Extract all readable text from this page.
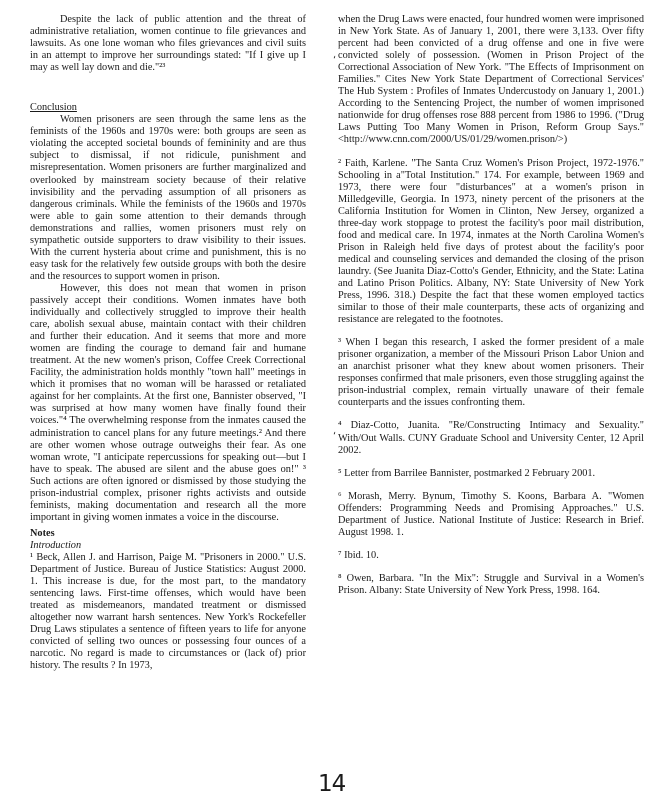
Despite the lack of public attention and the threat of administrative retaliation, women continue to file grievances and lawsuits. As one lone woman who files grievances and civil suits in an attempt to improve her surroundings stated: "If I give up I may as well lay down and die."²³

Conclusion

Women prisoners are seen through the same lens as the feminists of the 1960s and 1970s were: both groups are seen as violating the accepted societal bounds of femininity and are thus subject to dismissal, if not ridicule, punishment and misrepresentation. Women prisoners are further marginalized and overlooked by mainstream society because of their relative invisibility and the pervading assumption of all prisoners as dangerous criminals. While the feminists of the 1960s and 1970s were able to gain some attention to their demands through demonstrations and rallies, women prisoners must rely on sympathetic outside supporters to draw visibility to their issues. With the current hysteria about crime and punishment, this is no easy task for the relatively few outside groups with both the desire and the resources to support women in prison.

However, this does not mean that women in prison passively accept their conditions. Women inmates have both individually and collectively struggled to improve their health care, abolish sexual abuse, maintain contact with their children and further their education. And it seems that more and more women are finding the courage to demand fair and humane treatment. At the new women's prison, Coffee Creek Correctional Facility, the administration holds monthly "town hall" meetings in which it promises that no woman will be harassed or retaliated against for her complaints. At the first one, Bannister observed, "I was surprised at how many women have finally found their voices."⁴ The overwhelming response from the inmates caused the administration to cancel plans for any future meetings.² And there are other women whose outrage outweighs their fear. As one woman wrote, "I anticipate repercussions for speaking out—but I have to speak. The abused are silent and the abuse goes on!" ³ Such actions are often ignored or dismissed by those studying the prison-industrial complex, prisoner rights activists and outside feminists, making documentation and research all the more important in giving women inmates a voice in the discourse.

Notes

Introduction

¹ Beck, Allen J. and Harrison, Paige M. "Prisoners in 2000." U.S. Department of Justice. Bureau of Justice Statistics: August 2000. 1. This increase is due, for the most part, to the mandatory sentencing laws. First-time offenses, which would have been treated as misdemeanors, mandated treatment or dismissed altogether now warrant harsh sentences. New York's Rockefeller Drug Laws stipulates a sentence of fifteen years to life for anyone convicted of selling two ounces or possessing four ounces of a narcotic. No regard is made to circumstances or (lack of) prior history. The results ? In 1973,

when the Drug Laws were enacted, four hundred women were imprisoned in New York State. As of January 1, 2001, there were 3,133. Over fifty percent had been convicted of a drug offense and one in five were convicted solely of possession. (Women in Prison Project of the Correctional Association of New York. "The Effects of Imprisonment on Families." Cites New York State Department of Correctional Services' The Hub System : Profiles of Inmates Undercustody on January 1, 2001.) According to the Sentencing Project, the number of women imprisoned nationwide for drug offenses rose 888 percent from 1986 to 1996. ("Drug Laws Putting Too Many Women in Prison, Reform Group Says." <http://www.cnn.com/2000/US/01/29/women.prison/>)

² Faith, Karlene. "The Santa Cruz Women's Prison Project, 1972-1976." Schooling in a"Total Institution." 174. For example, between 1969 and 1973, there were four "disturbances" at a women's prison in Milledgeville, Georgia. In 1973, ninety percent of the prisoners at the California Institution for Women in Clinton, New Jersey, organized a three-day work stoppage to protest the facility's poor mail distribution, food and medical care. In 1974, inmates at the North Carolina Women's Prison in Raleigh held five days of protest about the facility's poor medical and counseling services and demanded the closing of the prison laundry. (See Juanita Diaz-Cotto's Gender, Ethnicity, and the State: Latina and Latino Prison Politics. Albany, NY: State University of New York Press, 1996. 318.) Despite the fact that these women employed tactics similar to those of their male counterparts, these acts of organizing and resistance are relegated to the footnotes.

³ When I began this research, I asked the former president of a male prisoner organization, a member of the Missouri Prison Labor Union and an anarchist prisoner what they knew about women prisoners. Their responses confirmed that male prisoners, even those struggling against the prison-industrial complex, remain virtually unaware of their female counterparts and the issues confronting them.

⁴ Diaz-Cotto, Juanita. "Re/Constructing Intimacy and Sexuality." With/Out Walls. CUNY Graduate School and University Center, 12 April 2002.

⁵ Letter from Barrilee Bannister, postmarked 2 February 2001.

⁶ Morash, Merry. Bynum, Timothy S. Koons, Barbara A. "Women Offenders: Programming Needs and Promising Approaches." U.S. Department of Justice. National Institute of Justice: Research in Brief. August 1998. 1.

⁷ Ibid. 10.

⁸ Owen, Barbara. "In the Mix": Struggle and Survival in a Women's Prison. Albany: State University of New York Press, 1998. 164.

⸲
⸲
14
